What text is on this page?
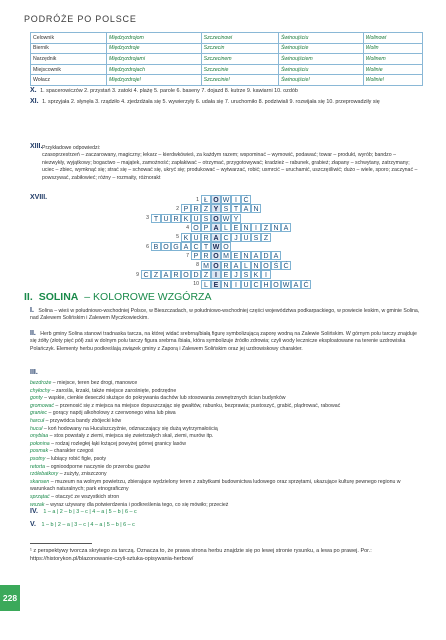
PODRÓŻE PO POLSCE
Celownik	Międzyzdrojom	Szczecinowi	Świnoujściu	Wolinowi
Biernik	Międzyzdroje	Szczecin	Świnoujście	Wolin
Narzędnik	Międzyzdrojami	Szczecinem	Świnoujściem	Wolinem
Miejscownik	Międzyzdrojach	Szczecinie	Świnoujściu	Wolinie
Wołacz	Międzyzdroje!	Szczecinie!	Świnoujście!	Wolinie!
X. 1. spacerowiczów 2. przystań 3. zatoki 4. plażę 5. parole 6. baseny 7. dojazd 8. kutrze 9. kawiarni 10. ozdób
XI. 1. sprzyjała 2. słynęła 3. rządziło 4. zjedzdżała się 5. wywierzyły 6. udała się 7. uruchomiło 8. podziwiali 9. rozwijała się 10. przeprowadziły się
XIII. Przykładowe odpowiedzi:
czasoprzestrzeń – zaczarowany, magiczny; łekarz – kierdwkówieś, za każdym razem; wspominać – wymowić, podawać; towar – produkt, wyrób; bandzo – niezwykły, wyjątkowy; bogactwo – majątek, zamożność; zapłakiwać – otrzymać, przygotowywać; kradzież – rabunek, grabież; złapany – schwytany, zatrzymany; uciec – zbiec, wymknąć się; strać się – schować się, ukryć się; produkować – wytwarzać, robić; usmrcić – uruchamić, uszczęśliwić; dużo – wiele, sporo; zaczynać – powszywać, zabiłowieć; różny – rozmaity, różnorakt
XVIII.	1 Ł O W I Ć
2 P R Z Y S T A N
3 T U R K U S O W Y
4 O P A L E N I Z N A
5 K U R A C J U S Z
6 B O G A C T W O
7 P R O M E N A D A
8 M O R A L N O Ś Ć
9 C Z A R O D Z I E J S K I
10 L E N I U C H O W A Ć
II. SOLINA – KOLOROWE WZGÓRZA
I. Solina – wieś w południowo-wschodniej Polsce, w Bieszczadach, w południowo-wschodniej części województwa podkarpackiego, w powiecie leskim, w gminie Solina, nad Zalewem Solińskim i Zalewem Myczkowieckim.
II. Herb gminy Solina stanowi tradnaska tarcza, na której widać srebrną/białą figurę symbolizującą zaporę wodną na Zalewie Solińskim. W górnym polu tarczy znajduje się żółty (złoty pięć pół) zaś w dolnym polu tarczy figura srebrna /biała, która symbolizuje źródło zdrowia; czyli wody lecznicze eksploatowane na terenie uzdrowiska Polańczyk. Elementy herbu podkreślają związek gminy z Zaporą i Zalewem Solińskim oraz jej uzdrowiskowy charakter.
III.
bezdroże – miejsce, teren bez drogi, manowce
chyłochy – zarośla, krzaki, także miejsce zarośnięte, podrzędne
gonty – wąskie, cienkie deseczki służące do pokrywania dachów lub stosowania zewnętrznych ścian budynków
gromować – przenosić się z miejsca na miejsce dopuszczając się gwałtów, rabunku, bezprawia; pustoszyć, grabić, plądrować, rabować
graniec – gorący napój alkoholowy z czerwonego wina lub piwa
harcuł – przywódca bandy zbójecki ków
hucuł – koń hodowany na Huculszczyźnie, odznaczający się dużą wytrzymałością
onyblaa – stos powstały z ziemi, miejsca się zwietrzałych skał, ziemi, murów itp.
połonina – rodzaj rozległej łąki łożącej powyżej górnej granicy lasów
posmak – charakter czegoś
psotny – lubiący robić figle, psoty
retorta – ognioodporne naczynie do przerobu gazów
rzólebatkory – zużyty, zniszczony
skansen – muzeum na wolnym powietrzu, zbierające wydzielony teren z zabytkami budownictwa ludowego oraz sprzętami, ukazujące kulturę pewnego regionu w warunkach naturalnych; park etnograficzny
sprzątać – otaczyć ze wszystkich stron
wszak – wyraz używany dla potwierdzenia i podkreślenia tego, co się mówiło; przecież
IV. 1 – a | 2 – b | 3 – c | 4 – a | 5 – b | 6 – c
V. 1 – b | 2 – a | 3 – c | 4 – a | 5 – b | 6 – c
¹ z perspektywy tvorcza skrytego za tarczą. Oznacza to, że prawa strona herbu znajdzie się po lewej stronie rysunku, a lewa po prawej. Por.: https://historykon.pl/blazonowanie-czyli-sztuka-opisywania-herbow/
228
